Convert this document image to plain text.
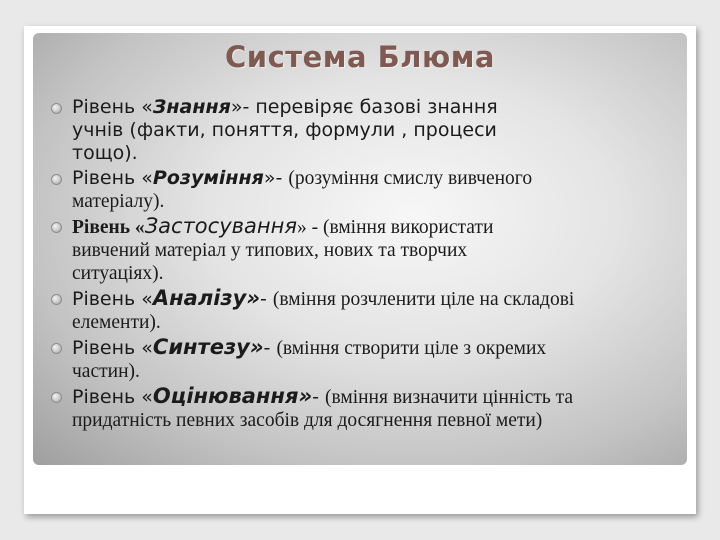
Система Блюма
Рівень «Знання»- перевіряє базові знання
учнів (факти, поняття, формули , процеси
тощо).
Рівень «Розуміння»- (розуміння смислу вивченого
матеріалу).
Рівень «Застосування» - (вміння використати
вивчений матеріал у типових, нових та творчих
ситуаціях).
Рівень «Аналізу»- (вміння розчленити ціле на складові
елементи).
Рівень «Синтезу»- (вміння створити ціле з окремих
частин).
Рівень «Оцінювання»- (вміння визначити цінність та
придатність певних засобів для досягнення певної мети)
